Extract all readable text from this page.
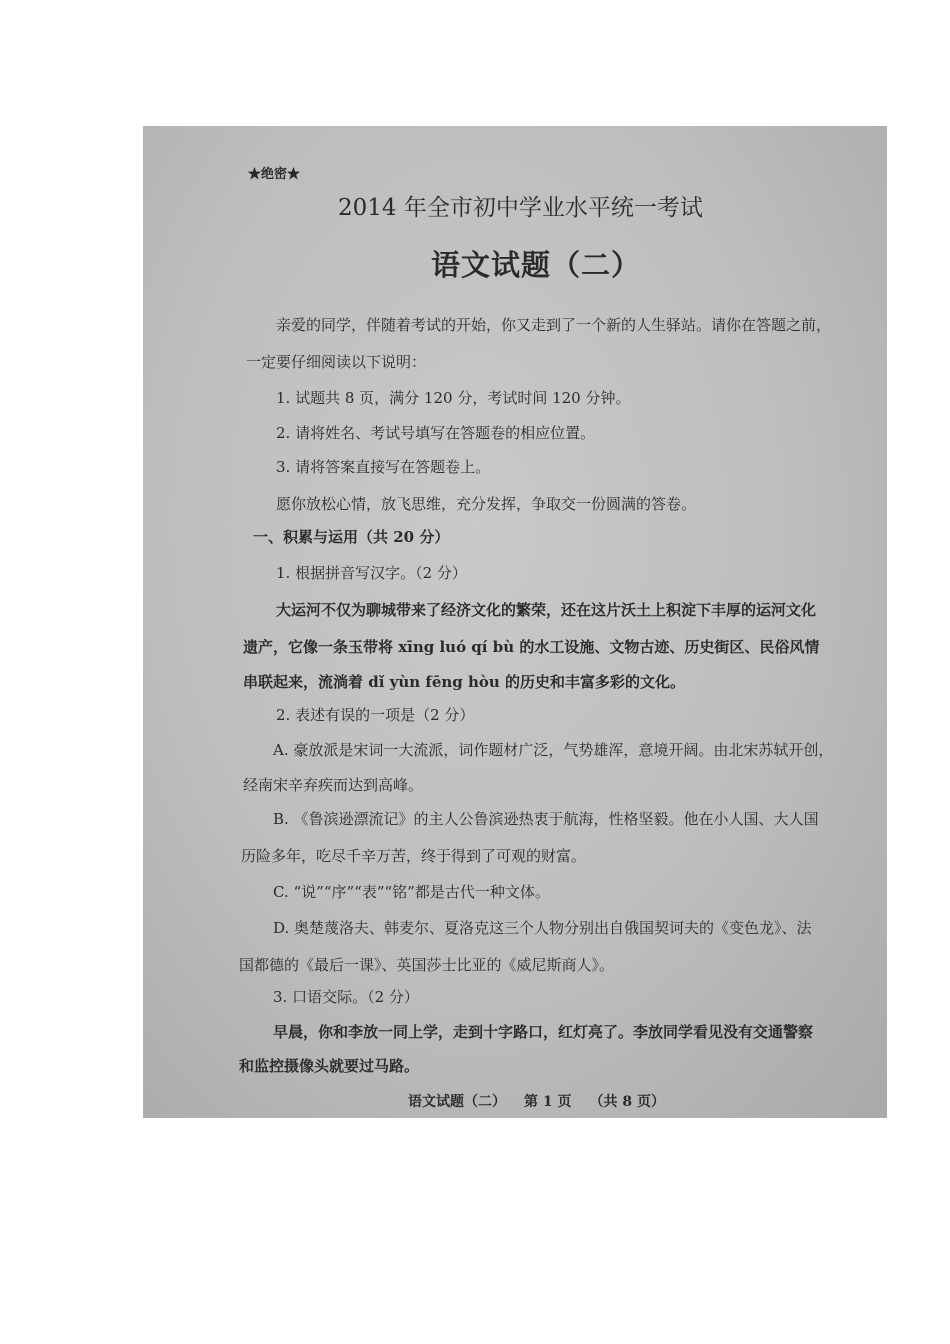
★绝密★
2014 年全市初中学业水平统一考试
语文试题（二）
亲爱的同学，伴随着考试的开始，你又走到了一个新的人生驿站。请你在答题之前，
一定要仔细阅读以下说明：
1. 试题共 8 页，满分 120 分，考试时间 120 分钟。
2. 请将姓名、考试号填写在答题卷的相应位置。
3. 请将答案直接写在答题卷上。
愿你放松心情，放飞思维，充分发挥，争取交一份圆满的答卷。
一、积累与运用（共 20 分）
1. 根据拼音写汉字。（2 分）
大运河不仅为聊城带来了经济文化的繁荣，还在这片沃土上积淀下丰厚的运河文化
遗产，它像一条玉带将 xīng luó qí bù 的水工设施、文物古迹、历史街区、民俗风情
串联起来，流淌着 dǐ yùn fēng hòu 的历史和丰富多彩的文化。
2. 表述有误的一项是（2 分）
A. 豪放派是宋词一大流派，词作题材广泛，气势雄浑，意境开阔。由北宋苏轼开创，
经南宋辛弃疾而达到高峰。
B. 《鲁滨逊漂流记》的主人公鲁滨逊热衷于航海，性格坚毅。他在小人国、大人国
历险多年，吃尽千辛万苦，终于得到了可观的财富。
C. “说”“序”“表”“铭”都是古代一种文体。
D. 奥楚蔑洛夫、韩麦尔、夏洛克这三个人物分别出自俄国契诃夫的《变色龙》、法
国都德的《最后一课》、英国莎士比亚的《威尼斯商人》。
3. 口语交际。（2 分）
早晨，你和李放一同上学，走到十字路口，红灯亮了。李放同学看见没有交通警察
和监控摄像头就要过马路。
语文试题（二） 第 1 页 （共 8 页）
